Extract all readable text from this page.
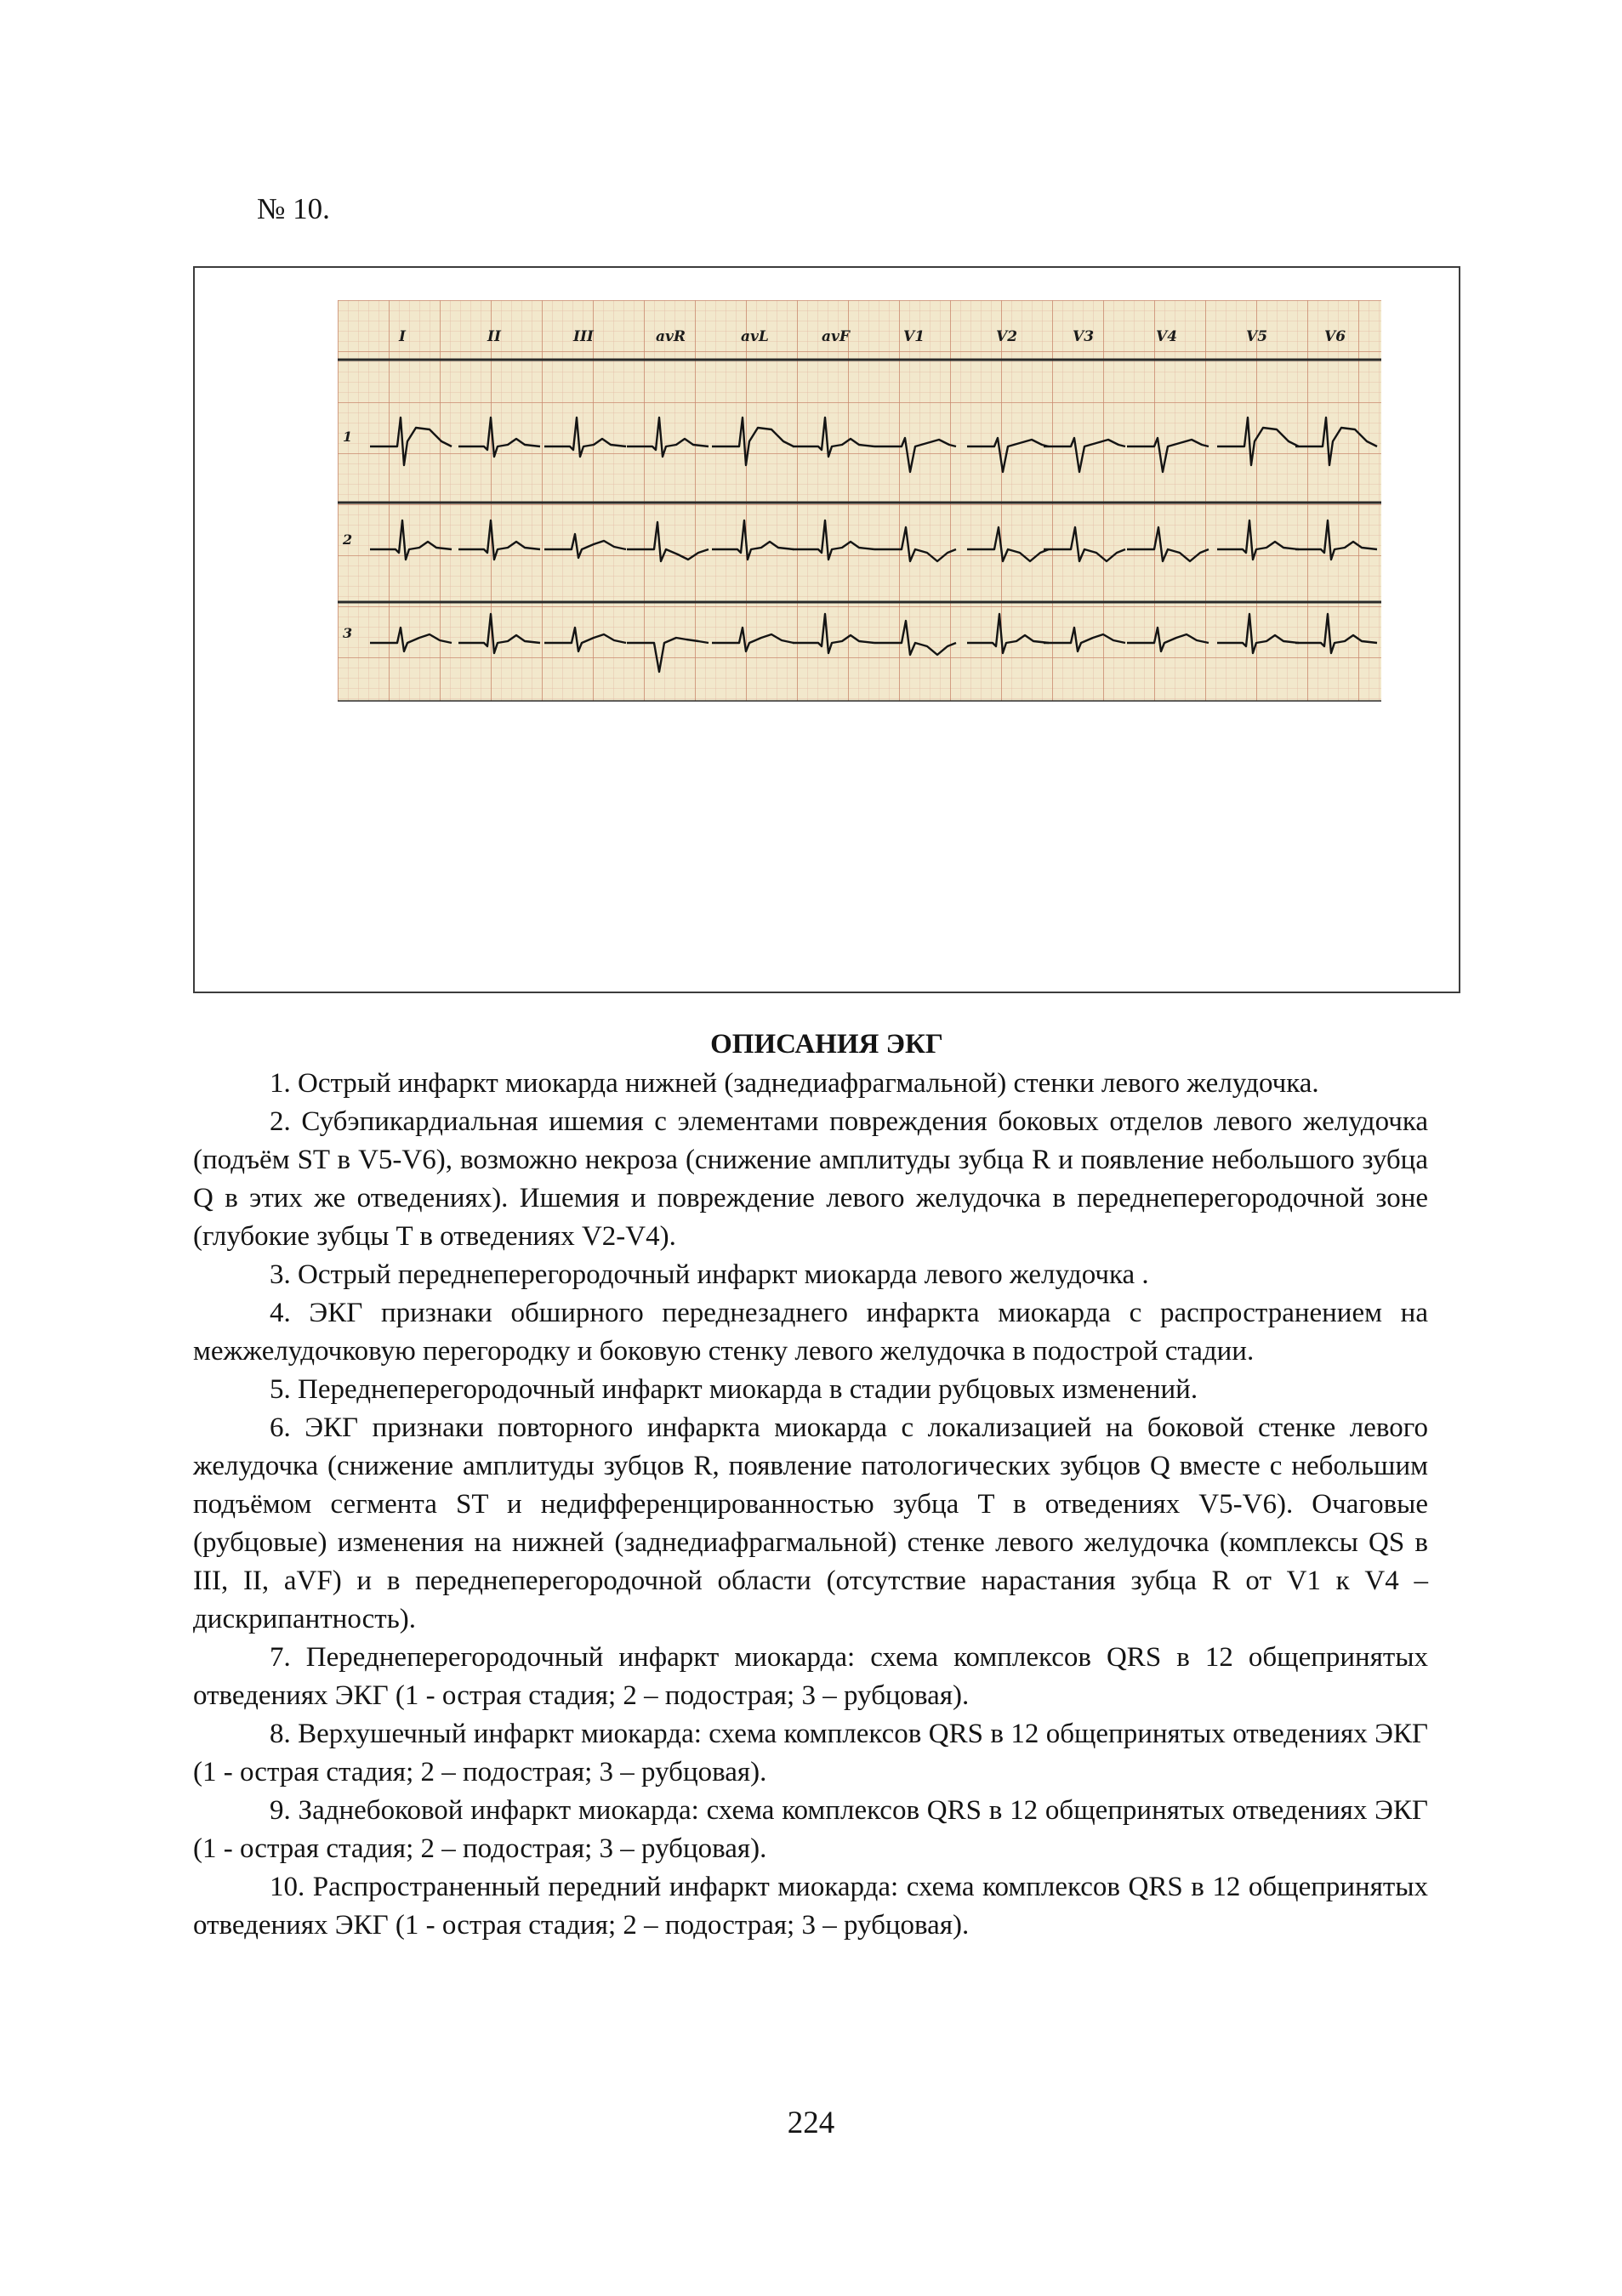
№ 10.
I	II	III	avR	avL	avF	V1	V2	V3	V4	V5	V6
1
2
3
ОПИСАНИЯ ЭКГ

1. Острый инфаркт миокарда нижней (заднедиафрагмальной) стенки левого желудочка.

2. Субэпикардиальная ишемия с элементами повреждения боковых отделов левого желудочка (подъём ST в V5-V6), возможно некроза (снижение амплитуды зубца R и появление небольшого зубца Q в этих же отведениях). Ишемия и повреждение левого желудочка в переднеперегородочной зоне (глубокие зубцы T в отведениях V2-V4).

3. Острый переднеперегородочный инфаркт миокарда левого желудочка .

4. ЭКГ признаки обширного переднезаднего инфаркта миокарда с распространением на межжелудочковую перегородку и боковую стенку левого желудочка в подострой стадии.

5. Переднеперегородочный инфаркт миокарда в стадии рубцовых изменений.

6. ЭКГ признаки повторного инфаркта миокарда с локализацией на боковой стенке левого желудочка (снижение амплитуды зубцов R, появление патологических зубцов Q вместе с небольшим подъёмом сегмента ST и недифференцированностью зубца T в отведениях V5-V6). Очаговые (рубцовые) изменения на нижней (заднедиафрагмальной) стенке левого желудочка (комплексы QS в III, II, aVF) и в переднеперегородочной области (отсутствие нарастания зубца R от V1 к V4 – дискрипантность).

7. Переднеперегородочный инфаркт миокарда: схема комплексов QRS в 12 общепринятых отведениях ЭКГ (1 - острая стадия; 2 – подострая; 3 – рубцовая).

8. Верхушечный инфаркт миокарда: схема комплексов QRS в 12 общепринятых отведениях ЭКГ (1 - острая стадия; 2 – подострая; 3 – рубцовая).

9. Заднебоковой инфаркт миокарда: схема комплексов QRS в 12 общепринятых отведениях ЭКГ (1 - острая стадия; 2 – подострая; 3 – рубцовая).

10. Распространенный передний инфаркт миокарда: схема комплексов QRS в 12 общепринятых отведениях ЭКГ (1 - острая стадия; 2 – подострая; 3 – рубцовая).

224
